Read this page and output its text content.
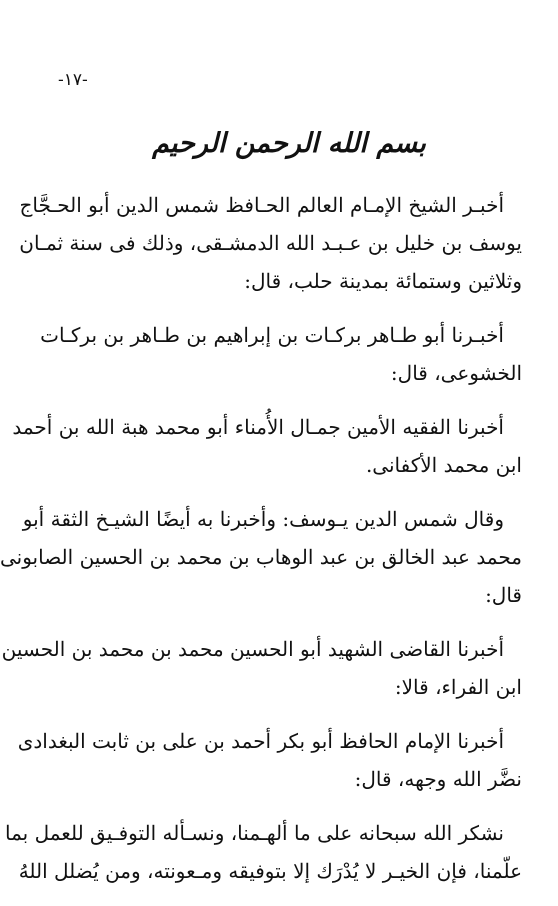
-١٧-
بسم الله الرحمن الرحيم

أخبـر الشيخ الإمـام العالم الحـافظ شمس الدين أبو الحـجَّاج
يوسف بن خليل بن عـبـد الله الدمشـقى، وذلك فى سنة ثمـان
وثلاثين وستمائة بمدينة حلب، قال:

أخبـرنا أبو طـاهر بركـات بن إبراهيم بن طـاهر بن بركـات
الخشوعى، قال:

أخبرنا الفقيه الأمين جمـال الأُمناء أبو محمد هبة الله بن أحمد
ابن محمد الأكفانى.

وقال شمس الدين يـوسف: وأخبرنا به أيضًا الشيـخ الثقة أبو
محمد عبد الخالق بن عبد الوهاب بن محمد بن الحسين الصابونى
قال:

أخبرنا القاضى الشهيد أبو الحسين محمد بن محمد بن الحسين
ابن الفراء، قالا:

أخبرنا الإمام الحافظ أبو بكر أحمد بن على بن ثابت البغدادى
نضَّر الله وجهه، قال:

نشكر الله سبحانه على ما ألهـمنا، ونسـأله التوفـيق للعمل بما
علّمنا، فإن الخيـر لا يُدْرَك إلا بتوفيقه ومـعونته، ومن يُضلل اللهُ
